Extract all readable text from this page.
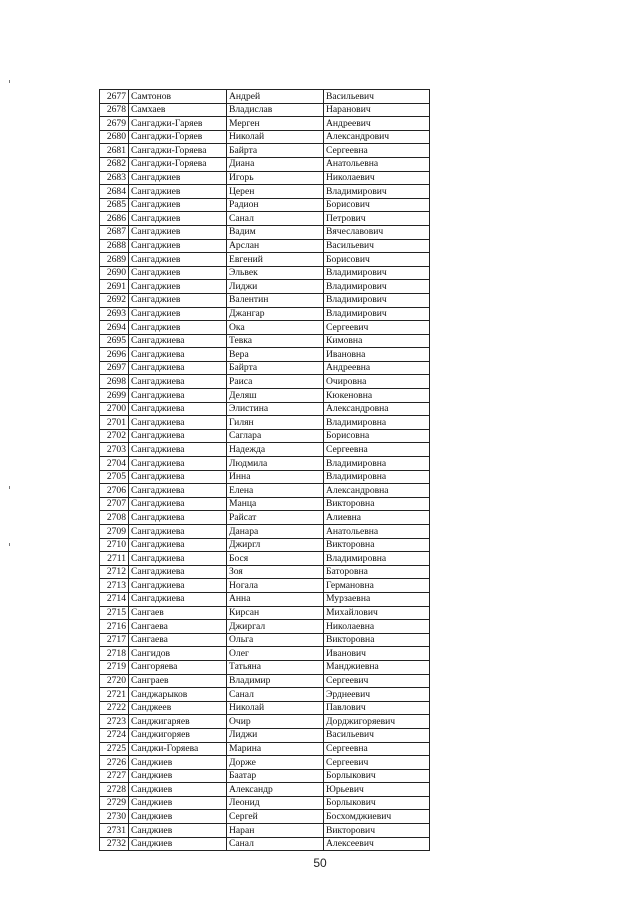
2677	Самтонов	Андрей	Васильевич
2678	Самхаев	Владислав	Наранович
2679	Сангаджи-Гаряев	Мерген	Андреевич
2680	Сангаджи-Горяев	Николай	Александрович
2681	Сангаджи-Горяева	Байрта	Сергеевна
2682	Сангаджи-Горяева	Диана	Анатольевна
2683	Сангаджиев	Игорь	Николаевич
2684	Сангаджиев	Церен	Владимирович
2685	Сангаджиев	Радион	Борисович
2686	Сангаджиев	Санал	Петрович
2687	Сангаджиев	Вадим	Вячеславович
2688	Сангаджиев	Арслан	Васильевич
2689	Сангаджиев	Евгений	Борисович
2690	Сангаджиев	Эльвек	Владимирович
2691	Сангаджиев	Лиджи	Владимирович
2692	Сангаджиев	Валентин	Владимирович
2693	Сангаджиев	Джангар	Владимирович
2694	Сангаджиев	Ока	Сергеевич
2695	Сангаджиева	Тевка	Кимовна
2696	Сангаджиева	Вера	Ивановна
2697	Сангаджиева	Байрта	Андреевна
2698	Сангаджиева	Раиса	Очировна
2699	Сангаджиева	Деляш	Кюкеновна
2700	Сангаджиева	Элистина	Александровна
2701	Сангаджиева	Гилян	Владимировна
2702	Сангаджиева	Саглара	Борисовна
2703	Сангаджиева	Надежда	Сергеевна
2704	Сангаджиева	Людмила	Владимировна
2705	Сангаджиева	Инна	Владимировна
2706	Сангаджиева	Елена	Александровна
2707	Сангаджиева	Манца	Викторовна
2708	Сангаджиева	Райсат	Алиевна
2709	Сангаджиева	Данара	Анатольевна
2710	Сангаджиева	Джиргл	Викторовна
2711	Сангаджиева	Бося	Владимировна
2712	Сангаджиева	Зоя	Баторовна
2713	Сангаджиева	Ногала	Германовна
2714	Сангаджиева	Анна	Мурзаевна
2715	Сангаев	Кирсан	Михайлович
2716	Сангаева	Джиргал	Николаевна
2717	Сангаева	Ольга	Викторовна
2718	Сангидов	Олег	Иванович
2719	Сангоряева	Татьяна	Манджиевна
2720	Санграев	Владимир	Сергеевич
2721	Санджарыков	Санал	Эрднеевич
2722	Санджеев	Николай	Павлович
2723	Санджигаряев	Очир	Дорджигоряевич
2724	Санджигоряев	Лиджи	Васильевич
2725	Санджи-Горяева	Марина	Сергеевна
2726	Санджиев	Дорже	Сергеевич
2727	Санджиев	Баатар	Борлыкович
2728	Санджиев	Александр	Юрьевич
2729	Санджиев	Леонид	Борлыкович
2730	Санджиев	Сергей	Босхомджиевич
2731	Санджиев	Наран	Викторович
2732	Санджиев	Санал	Алексеевич
50
